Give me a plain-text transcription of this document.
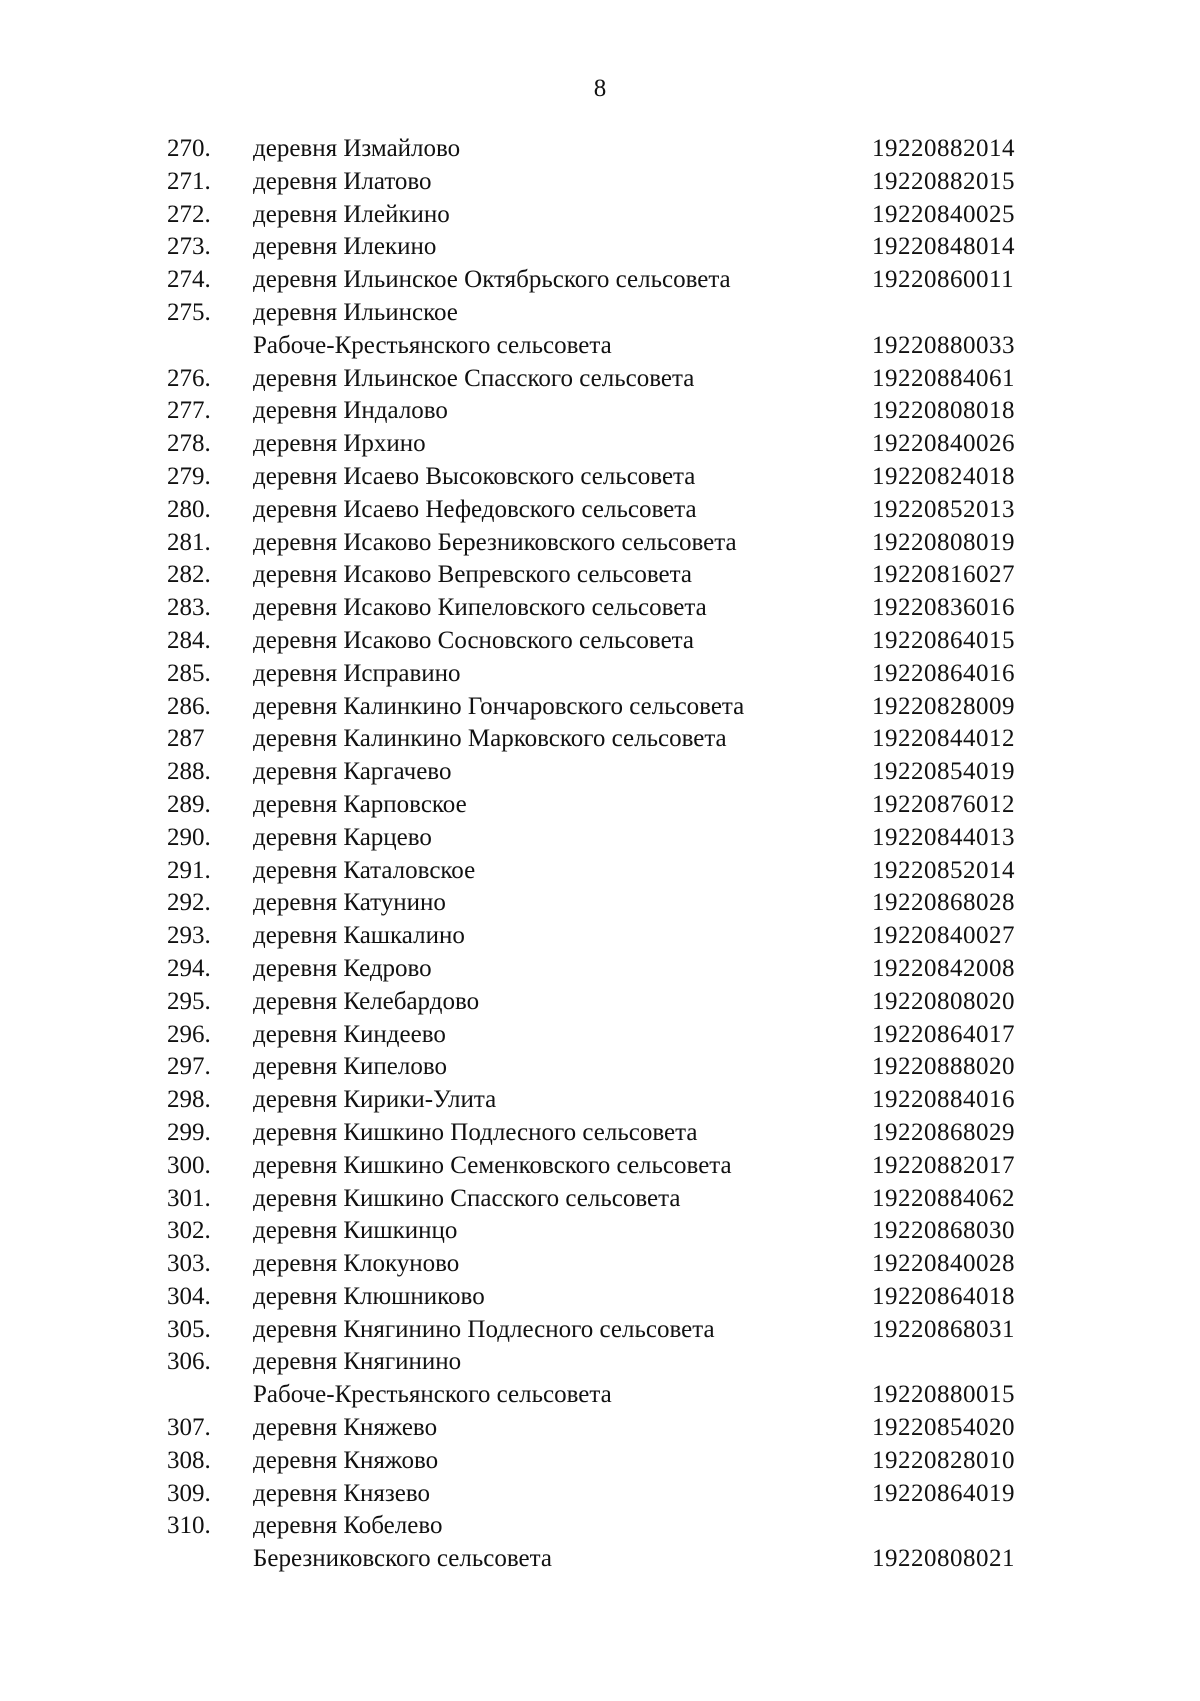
8
270.	деревня Измайлово	19220882014
271.	деревня Илатово	19220882015
272.	деревня Илейкино	19220840025
273.	деревня Илекино	19220848014
274.	деревня Ильинское Октябрьского сельсовета	19220860011
275.	деревня Ильинское
Рабоче-Крестьянского сельсовета	19220880033
276.	деревня Ильинское Спасского сельсовета	19220884061
277.	деревня Индалово	19220808018
278.	деревня Ирхино	19220840026
279.	деревня Исаево Высоковского сельсовета	19220824018
280.	деревня Исаево Нефедовского сельсовета	19220852013
281.	деревня Исаково Березниковского сельсовета	19220808019
282.	деревня Исаково Вепревского сельсовета	19220816027
283.	деревня Исаково Кипеловского сельсовета	19220836016
284.	деревня Исаково Сосновского сельсовета	19220864015
285.	деревня Исправино	19220864016
286.	деревня Калинкино Гончаровского сельсовета	19220828009
287	деревня Калинкино Марковского сельсовета	19220844012
288.	деревня Каргачево	19220854019
289.	деревня Карповское	19220876012
290.	деревня Карцево	19220844013
291.	деревня Каталовское	19220852014
292.	деревня Катунино	19220868028
293.	деревня Кашкалино	19220840027
294.	деревня Кедрово	19220842008
295.	деревня Келебардово	19220808020
296.	деревня Киндеево	19220864017
297.	деревня Кипелово	19220888020
298.	деревня Кирики-Улита	19220884016
299.	деревня Кишкино Подлесного сельсовета	19220868029
300.	деревня Кишкино Семенковского сельсовета	19220882017
301.	деревня Кишкино Спасского сельсовета	19220884062
302.	деревня Кишкинцо	19220868030
303.	деревня Клокуново	19220840028
304.	деревня Клюшниково	19220864018
305.	деревня Княгинино Подлесного сельсовета	19220868031
306.	деревня Княгинино
Рабоче-Крестьянского сельсовета	19220880015
307.	деревня Княжево	19220854020
308.	деревня Княжово	19220828010
309.	деревня Князево	19220864019
310.	деревня Кобелево
Березниковского сельсовета	19220808021
